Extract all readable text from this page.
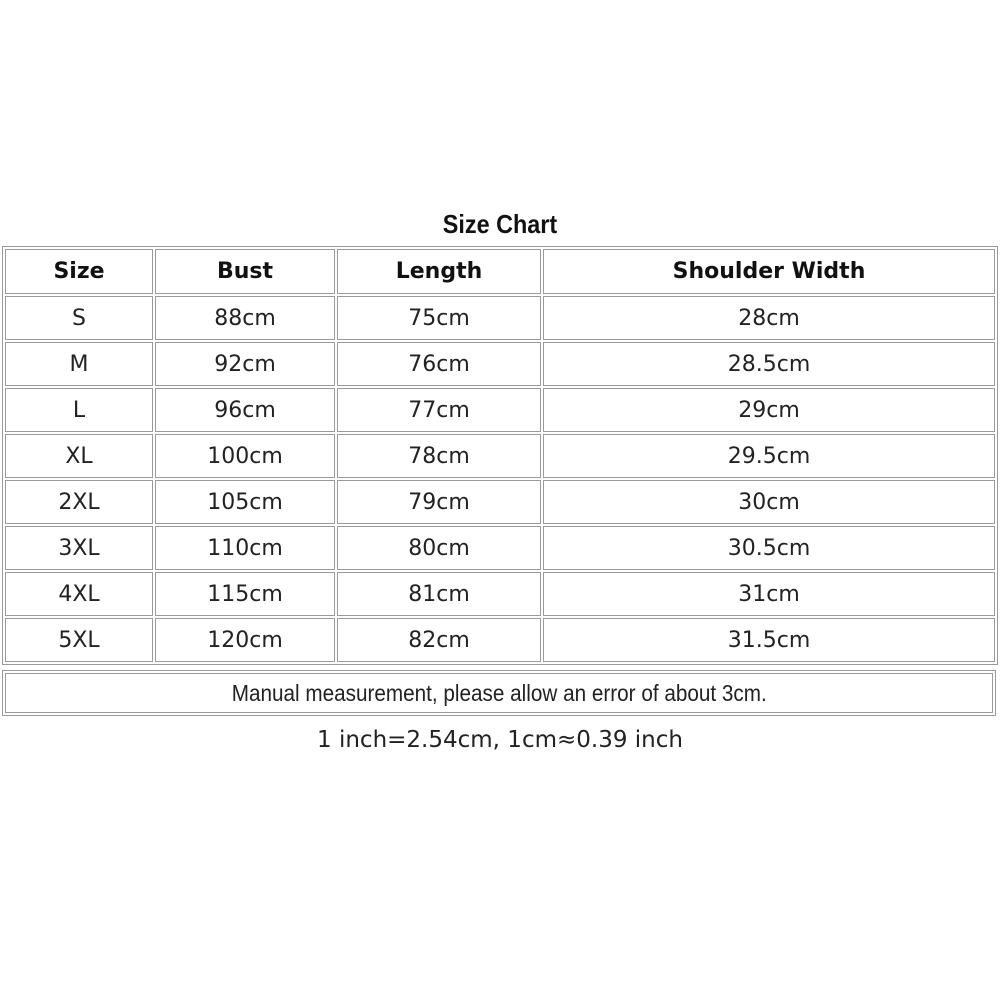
Size Chart
Size	Bust	Length	Shoulder Width
S	88cm	75cm	28cm
M	92cm	76cm	28.5cm
L	96cm	77cm	29cm
XL	100cm	78cm	29.5cm
2XL	105cm	79cm	30cm
3XL	110cm	80cm	30.5cm
4XL	115cm	81cm	31cm
5XL	120cm	82cm	31.5cm
Manual measurement, please allow an error of about 3cm.
1 inch=2.54cm, 1cm≈0.39 inch
